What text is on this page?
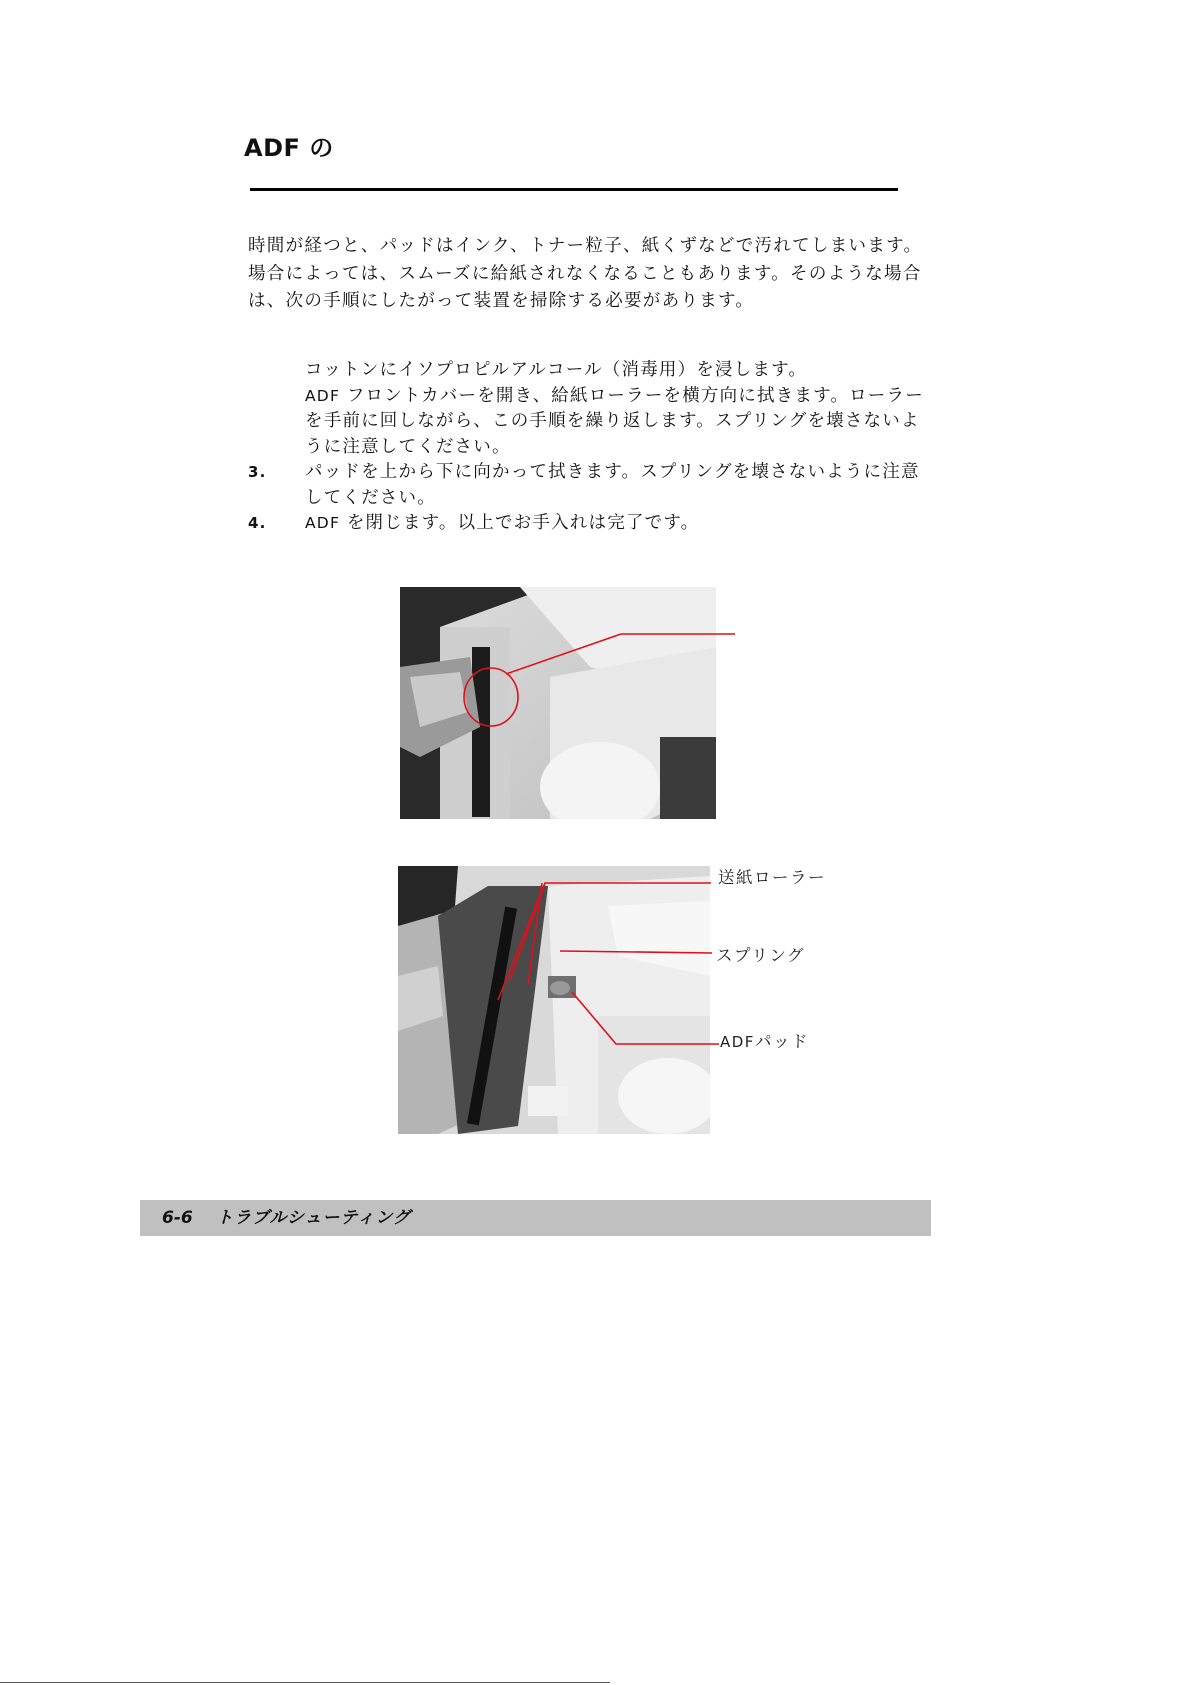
ADF の

時間が経つと、パッドはインク、トナー粒子、紙くずなどで汚れてしまいます。場合によっては、スムーズに給紙されなくなることもあります。そのような場合は、次の手順にしたがって装置を掃除する必要があります。

コットンにイソプロピルアルコール（消毒用）を浸します。
ADF フロントカバーを開き、給紙ローラーを横方向に拭きます。ローラーを手前に回しながら、この手順を繰り返します。スプリングを壊さないように注意してください。
3.	パッドを上から下に向かって拭きます。スプリングを壊さないように注意してください。
4.	ADF を閉じます。以上でお手入れは完了です。
送紙ローラー
スプリング
ADFパッド
6-6 トラブルシューティング
